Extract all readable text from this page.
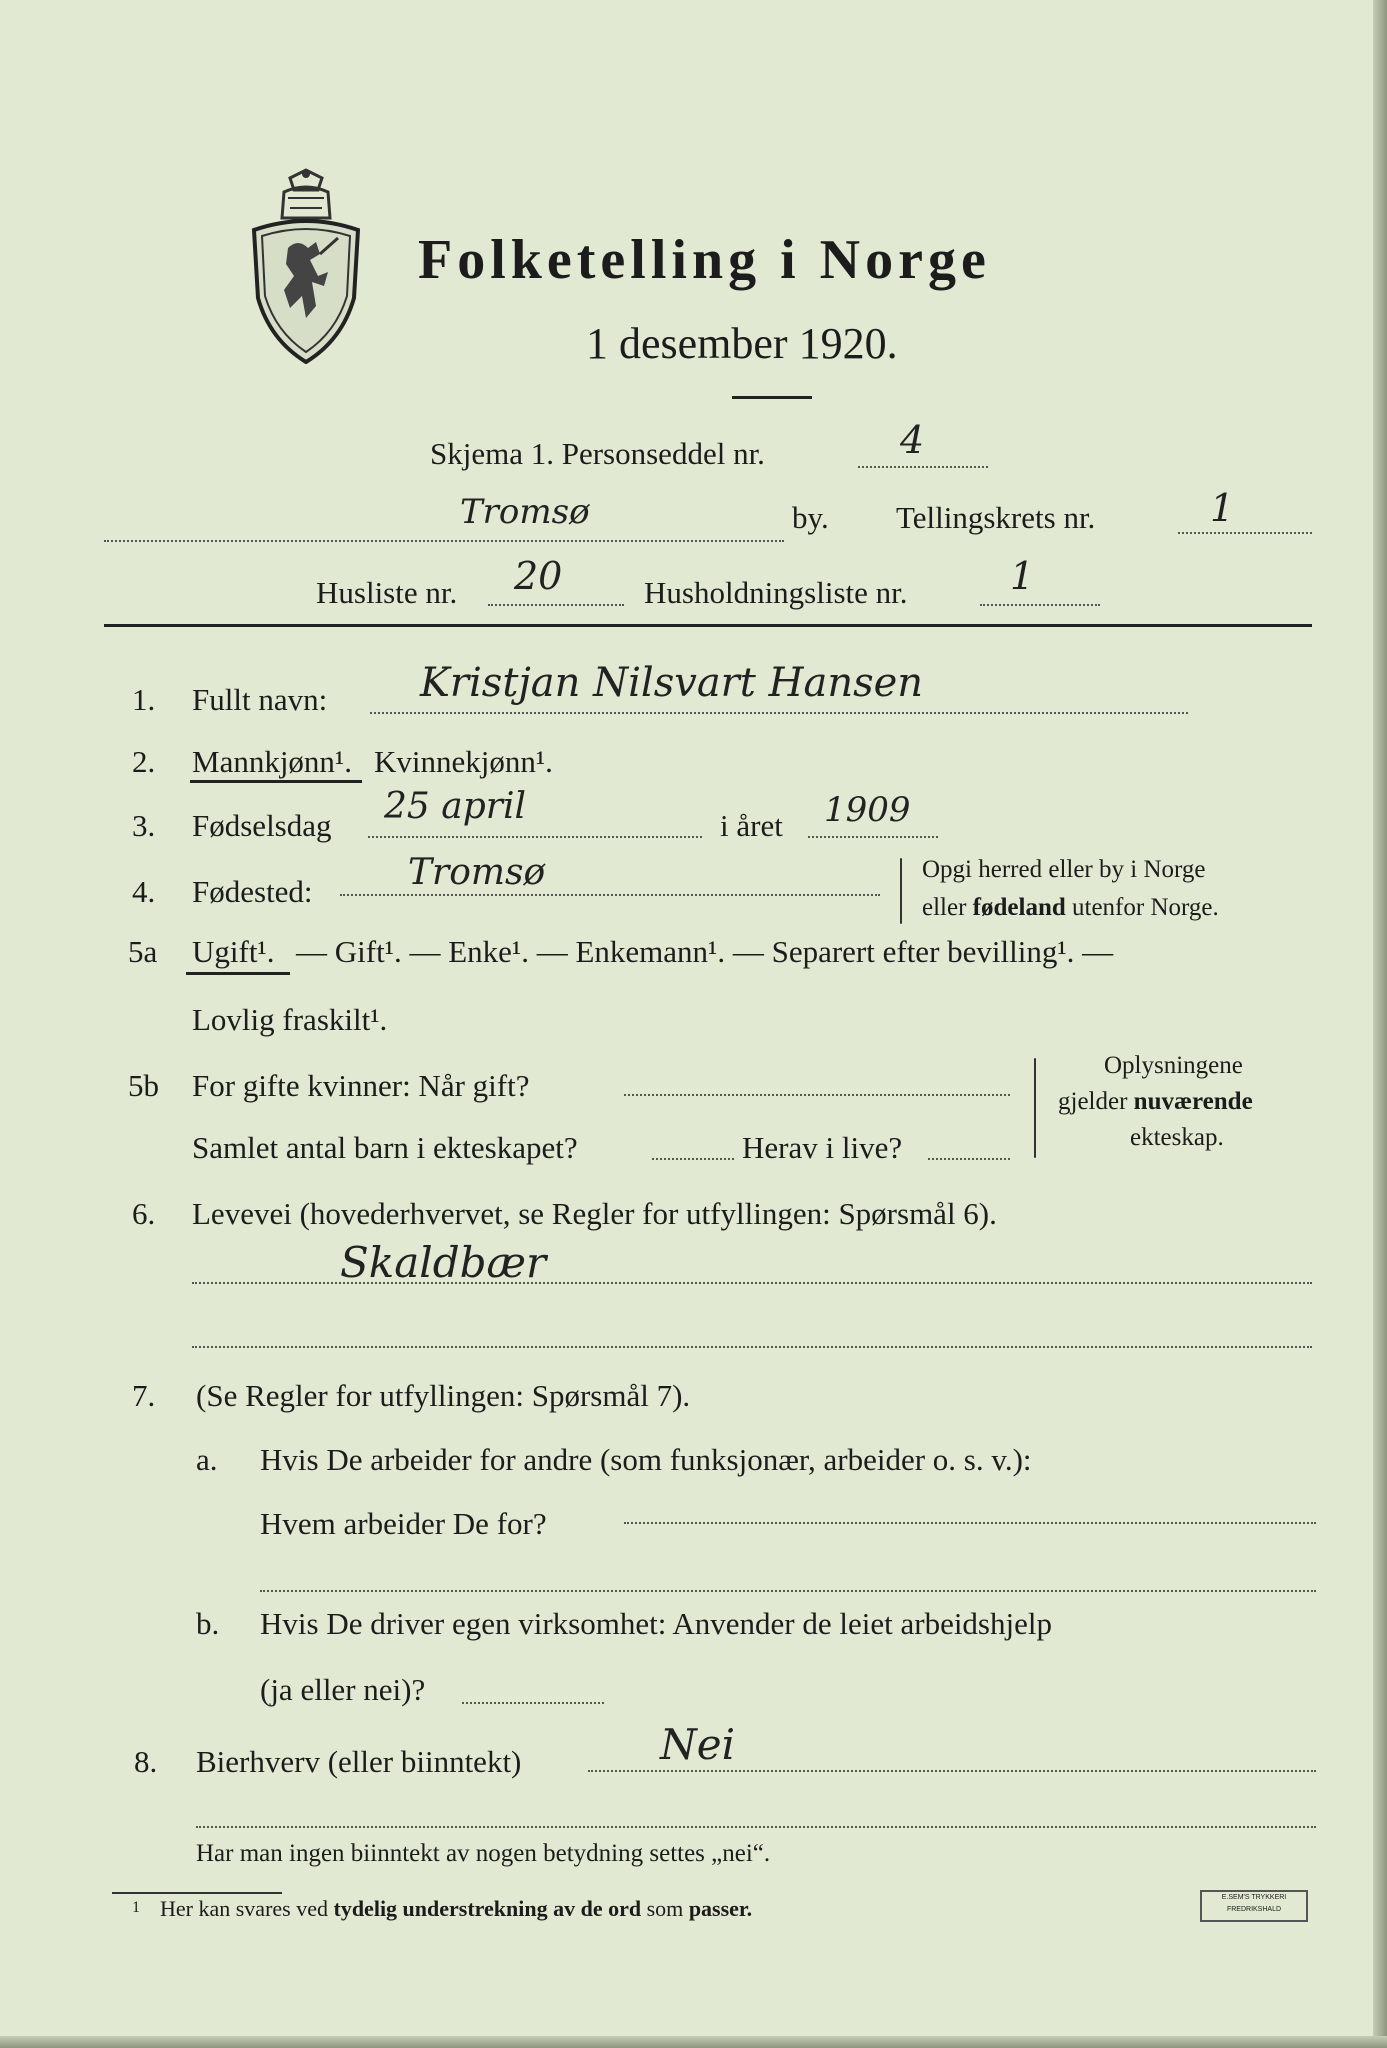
Folketelling i Norge
1 desember 1920.
Skjema 1. Personseddel nr.	4
Tromsø	by. Tellingskrets nr.	1
Husliste nr. 20	Husholdningsliste nr.	1
1. Fullt navn: Kristjan Nilsvart Hansen
2. Mannkjønn¹. Kvinnekjønn¹.
3. Fødselsdag 25 april	i året 1909
4. Fødested:	Tromsø	Opgi herred eller by i Norge
eller fødeland utenfor Norge.
5a Ugift¹. — Gift¹. — Enke¹. — Enkemann¹. — Separert efter bevilling¹. —
Lovlig fraskilt¹.
5b For gifte kvinner: Når gift?
Samlet antal barn i ekteskapet?	Herav i live?
Oplysningene
gjelder nuværende
ekteskap.
6. Levevei (hovederhvervet, se Regler for utfyllingen: Spørsmål 6).
Skaldbær
7. (Se Regler for utfyllingen: Spørsmål 7).
a. Hvis De arbeider for andre (som funksjonær, arbeider o. s. v.):
Hvem arbeider De for?
b. Hvis De driver egen virksomhet: Anvender de leiet arbeidshjelp
(ja eller nei)?
8. Bierhverv (eller biinntekt)	Nei
Har man ingen biinntekt av nogen betydning settes „nei“.
1 Her kan svares ved tydelig understrekning av de ord som passer.	E.SEM'S TRYKKERI
FREDRIKSHALD
